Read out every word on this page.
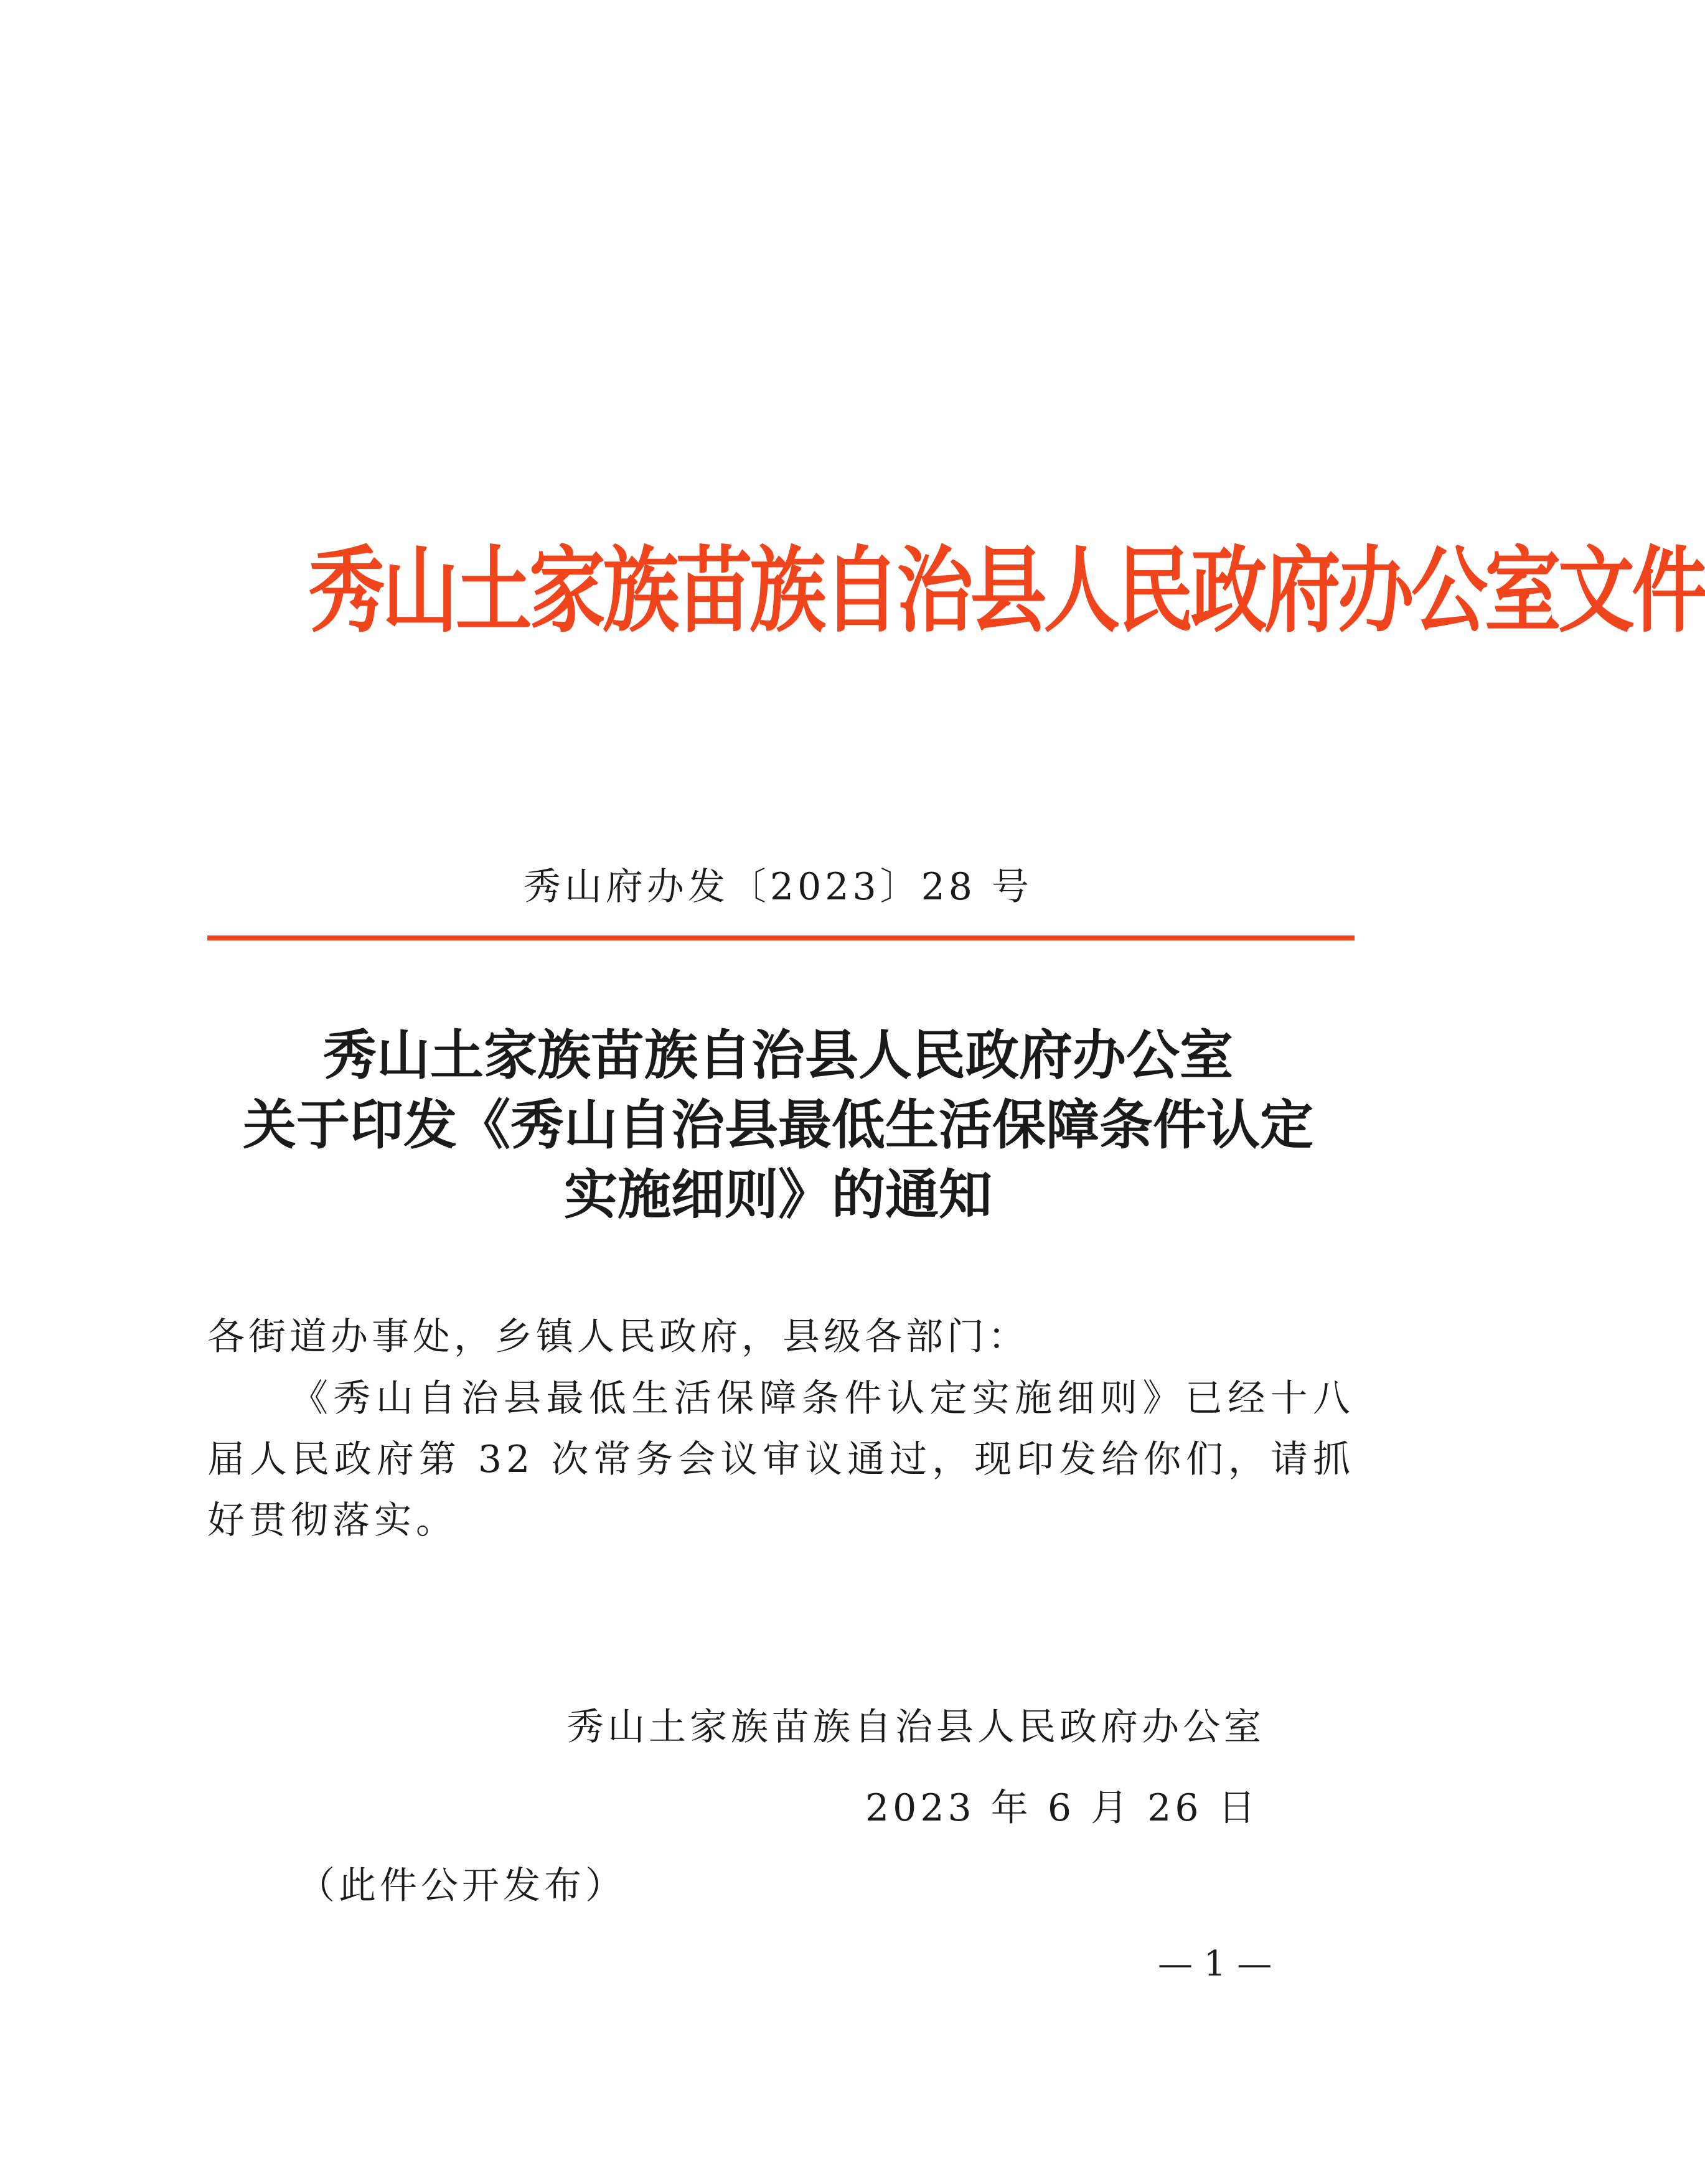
秀山土家族苗族自治县人民政府办公室文件
秀山府办发〔2023〕28 号
秀山土家族苗族自治县人民政府办公室
关于印发《秀山自治县最低生活保障条件认定
实施细则》的通知
各街道办事处，乡镇人民政府，县级各部门：
《秀山自治县最低生活保障条件认定实施细则》已经十八届人民政府第 32 次常务会议审议通过，现印发给你们，请抓好贯彻落实。
秀山土家族苗族自治县人民政府办公室
2023 年 6 月 26 日
（此件公开发布）
— 1 —
